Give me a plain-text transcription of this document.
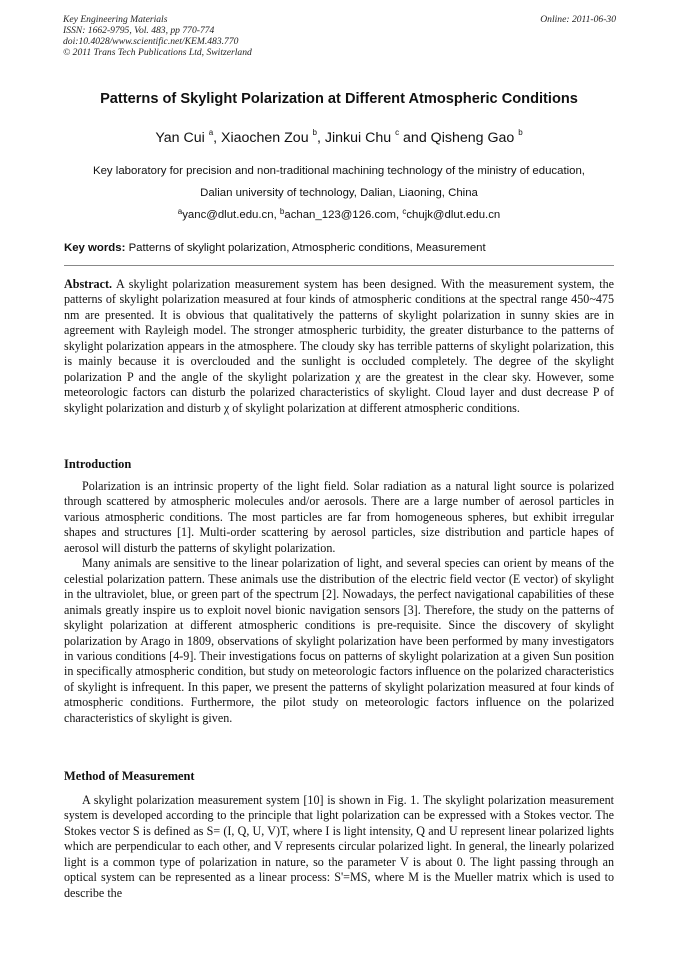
Key Engineering Materials
ISSN: 1662-9795, Vol. 483, pp 770-774
doi:10.4028/www.scientific.net/KEM.483.770
© 2011 Trans Tech Publications Ltd, Switzerland
Online: 2011-06-30
Patterns of Skylight Polarization at Different Atmospheric Conditions
Yan Cui $^a$, Xiaochen Zou $^b$, Jinkui Chu $^c$ and Qisheng Gao $^b$
Key laboratory for precision and non-traditional machining technology of the ministry of education,
Dalian university of technology, Dalian, Liaoning, China
$^a$yanc@dlut.edu.cn, $^b$achan_123@126.com, $^c$chujk@dlut.edu.cn
Key words: Patterns of skylight polarization, Atmospheric conditions, Measurement

Abstract. A skylight polarization measurement system has been designed. With the measurement system, the patterns of skylight polarization measured at four kinds of atmospheric conditions at the spectral range 450~475 nm are presented. It is obvious that qualitatively the patterns of skylight polarization in sunny skies are in agreement with Rayleigh model. The stronger atmospheric turbidity, the greater disturbance to the patterns of skylight polarization appears in the atmosphere. The cloudy sky has terrible patterns of skylight polarization, this is mainly because it is overclouded and the sunlight is occluded completely. The degree of the skylight polarization P and the angle of the skylight polarization χ are the greatest in the clear sky. However, some meteorologic factors can disturb the polarized characteristics of skylight. Cloud layer and dust decrease P of skylight polarization and disturb χ of skylight polarization at different atmospheric conditions.

Introduction

Polarization is an intrinsic property of the light field. Solar radiation as a natural light source is polarized through scattered by atmospheric molecules and/or aerosols. There are a large number of aerosol particles in various atmospheric conditions. The most particles are far from homogeneous spheres, but exhibit irregular shapes and structures [1]. Multi-order scattering by aerosol particles, size distribution and particle hapes of aerosol will disturb the patterns of skylight polarization.

Many animals are sensitive to the linear polarization of light, and several species can orient by means of the celestial polarization pattern. These animals use the distribution of the electric field vector (E vector) of skylight in the ultraviolet, blue, or green part of the spectrum [2]. Nowadays, the perfect navigational capabilities of these animals greatly inspire us to exploit novel bionic navigation sensors [3]. Therefore, the study on the patterns of skylight polarization at different atmospheric conditions is pre-requisite. Since the discovery of skylight polarization by Arago in 1809, observations of skylight polarization have been performed by many investigators in various conditions [4-9]. Their investigations focus on patterns of skylight polarization at a given Sun position in specifically atmospheric condition, but study on meteorologic factors influence on the polarized characteristics of skylight is infrequent. In this paper, we present the patterns of skylight polarization measured at four kinds of atmospheric conditions. Furthermore, the pilot study on meteorologic factors influence on the polarized characteristics of skylight is given.

Method of Measurement

A skylight polarization measurement system [10] is shown in Fig. 1. The skylight polarization measurement system is developed according to the principle that light polarization can be expressed with a Stokes vector. The Stokes vector S is defined as S= (I, Q, U, V)T, where I is light intensity, Q and U represent linear polarized lights which are perpendicular to each other, and V represents circular polarized light. In general, the linearly polarized light is a common type of polarization in nature, so the parameter V is about 0. The light passing through an optical system can be represented as a linear process: S'=MS, where M is the Mueller matrix which is used to describe the
